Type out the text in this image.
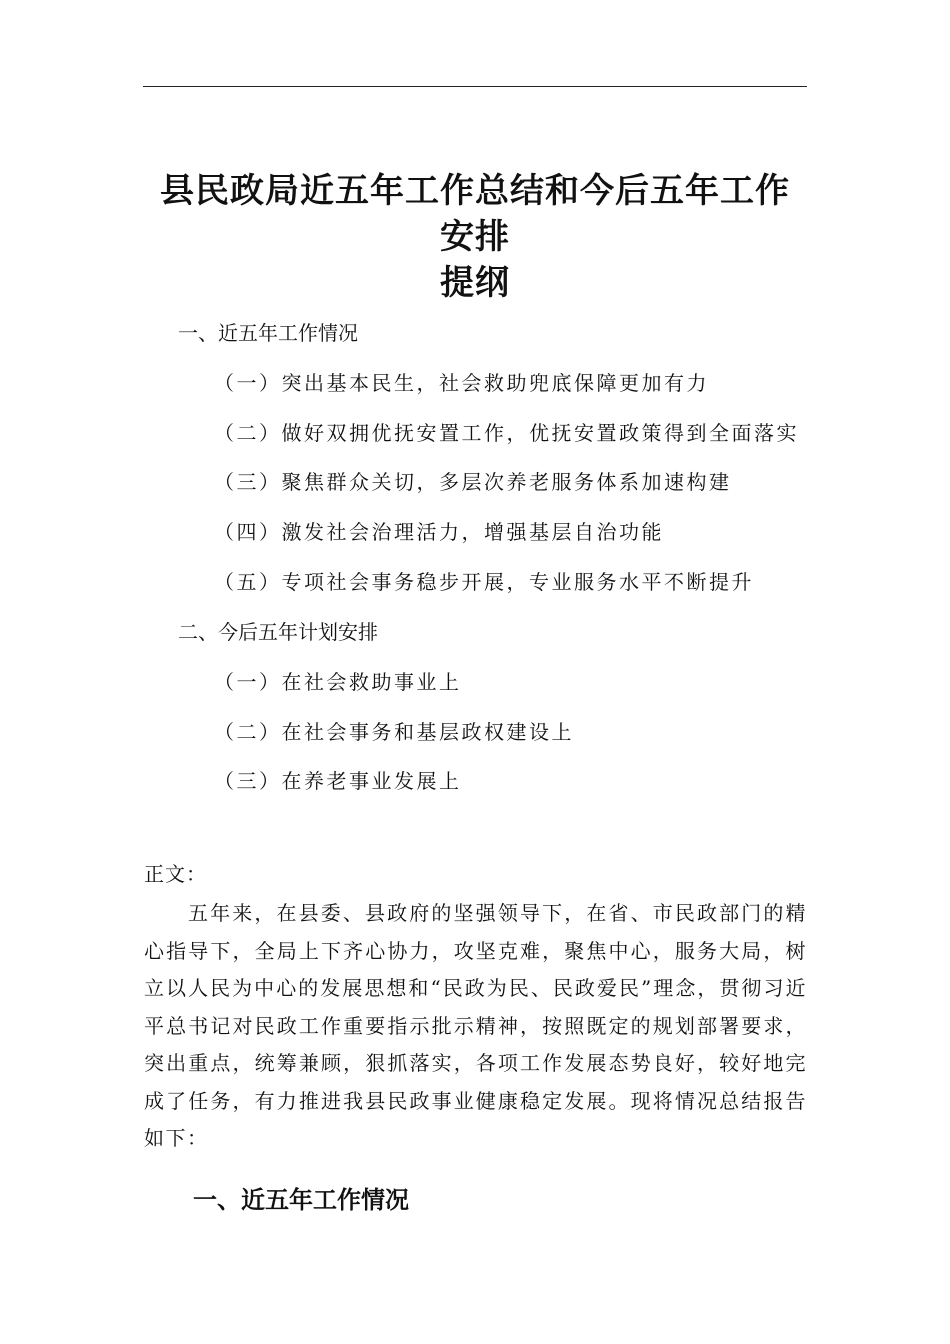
县民政局近五年工作总结和今后五年工作
安排
提纲
一、近五年工作情况
（一）突出基本民生，社会救助兜底保障更加有力
（二）做好双拥优抚安置工作，优抚安置政策得到全面落实
（三）聚焦群众关切，多层次养老服务体系加速构建
（四）激发社会治理活力，增强基层自治功能
（五）专项社会事务稳步开展，专业服务水平不断提升
二、今后五年计划安排
（一）在社会救助事业上
（二）在社会事务和基层政权建设上
（三）在养老事业发展上
正文：

五年来，在县委、县政府的坚强领导下，在省、市民政部门的精心指导下，全局上下齐心协力，攻坚克难，聚焦中心，服务大局，树立以人民为中心的发展思想和“民政为民、民政爱民”理念，贯彻习近平总书记对民政工作重要指示批示精神，按照既定的规划部署要求，突出重点，统筹兼顾，狠抓落实，各项工作发展态势良好，较好地完成了任务，有力推进我县民政事业健康稳定发展。现将情况总结报告如下：

一、近五年工作情况
